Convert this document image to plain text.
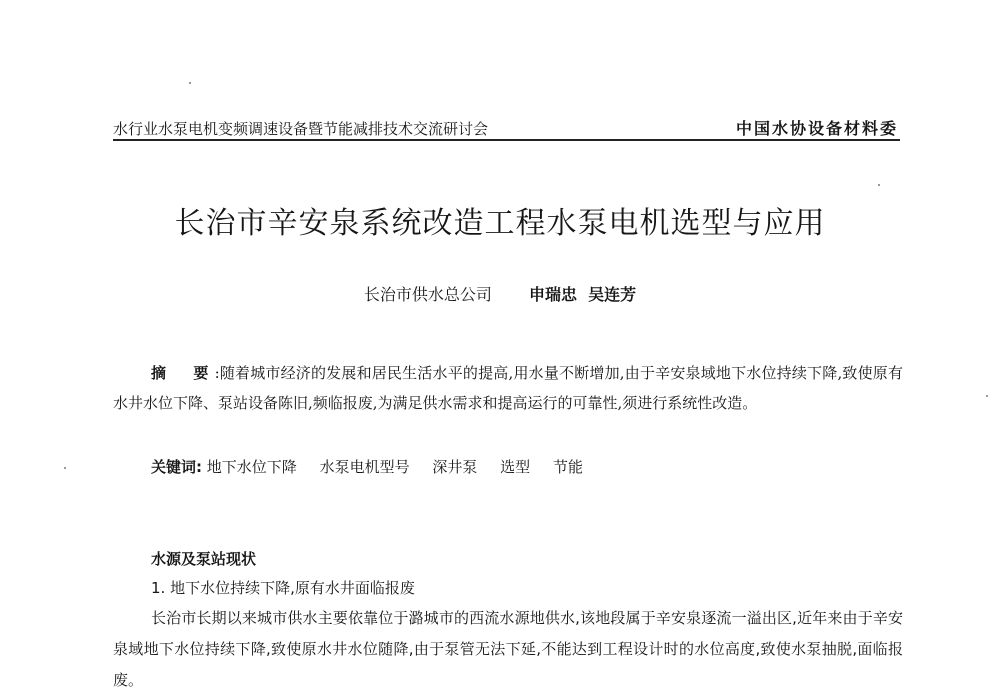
水行业水泵电机变频调速设备暨节能减排技术交流研讨会	中国水协设备材料委
长治市辛安泉系统改造工程水泵电机选型与应用
长治市供水总公司 申瑞忠 吴连芳
摘　要:随着城市经济的发展和居民生活水平的提高,用水量不断增加,由于辛安泉域地下水位持续下降,致使原有水井水位下降、泵站设备陈旧,频临报废,为满足供水需求和提高运行的可靠性,须进行系统性改造。
关键词: 地下水位下降 水泵电机型号 深井泵 选型 节能
水源及泵站现状
1. 地下水位持续下降,原有水井面临报废
长治市长期以来城市供水主要依靠位于潞城市的西流水源地供水,该地段属于辛安泉逐流一溢出区,近年来由于辛安泉域地下水位持续下降,致使原水井水位随降,由于泵管无法下延,不能达到工程设计时的水位高度,致使水泵抽脱,面临报废。
